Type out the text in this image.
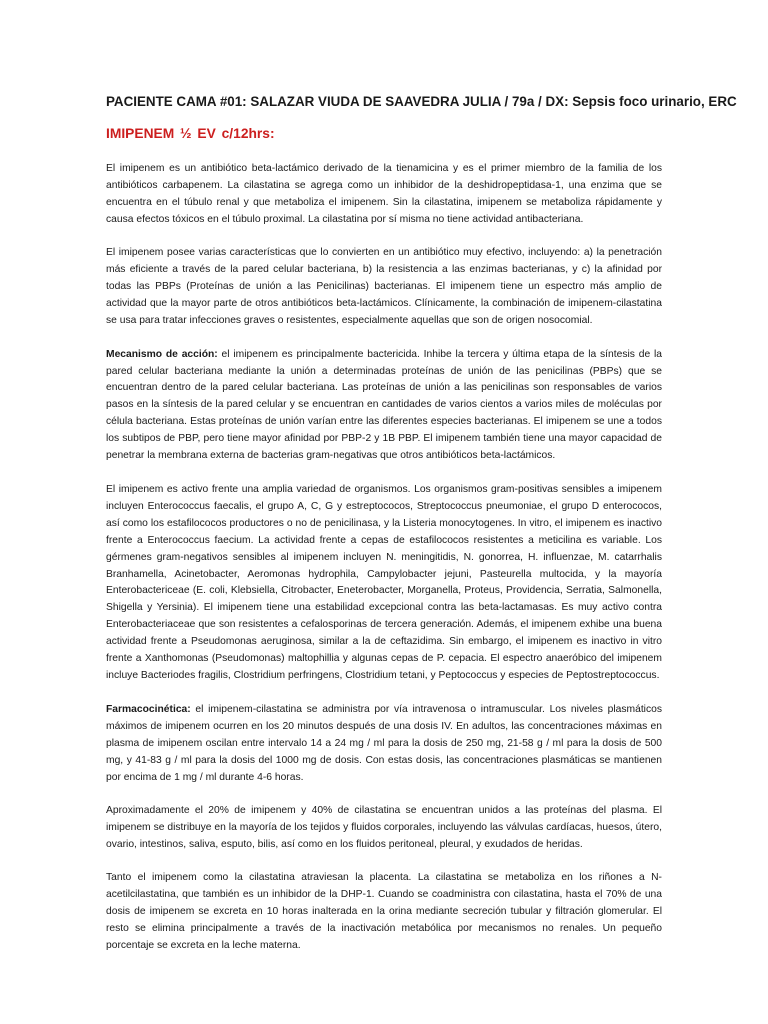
PACIENTE CAMA #01: SALAZAR VIUDA DE SAAVEDRA JULIA / 79a / DX: Sepsis foco urinario, ERC
IMIPENEM ½ EV c/12hrs:

El imipenem es un antibiótico beta-lactámico derivado de la tienamicina y es el primer miembro de la familia de los antibióticos carbapenem. La cilastatina se agrega como un inhibidor de la deshidropeptidasa-1, una enzima que se encuentra en el túbulo renal y que metaboliza el imipenem. Sin la cilastatina, imipenem se metaboliza rápidamente y causa efectos tóxicos en el túbulo proximal. La cilastatina por sí misma no tiene actividad antibacteriana.

El imipenem posee varias características que lo convierten en un antibiótico muy efectivo, incluyendo: a) la penetración más eficiente a través de la pared celular bacteriana, b) la resistencia a las enzimas bacterianas, y c) la afinidad por todas las PBPs (Proteínas de unión a las Penicilinas) bacterianas. El imipenem tiene un espectro más amplio de actividad que la mayor parte de otros antibióticos beta-lactámicos. Clínicamente, la combinación de imipenem-cilastatina se usa para tratar infecciones graves o resistentes, especialmente aquellas que son de origen nosocomial.

Mecanismo de acción: el imipenem es principalmente bactericida. Inhibe la tercera y última etapa de la síntesis de la pared celular bacteriana mediante la unión a determinadas proteínas de unión de las penicilinas (PBPs) que se encuentran dentro de la pared celular bacteriana. Las proteínas de unión a las penicilinas son responsables de varios pasos en la síntesis de la pared celular y se encuentran en cantidades de varios cientos a varios miles de moléculas por célula bacteriana. Estas proteínas de unión varían entre las diferentes especies bacterianas. El imipenem se une a todos los subtipos de PBP, pero tiene mayor afinidad por PBP-2 y 1B PBP. El imipenem también tiene una mayor capacidad de penetrar la membrana externa de bacterias gram-negativas que otros antibióticos beta-lactámicos.

El imipenem es activo frente una amplia variedad de organismos. Los organismos gram-positivas sensibles a imipenem incluyen Enterococcus faecalis, el grupo A, C, G y estreptococos, Streptococcus pneumoniae, el grupo D enterococos, así como los estafilococos productores o no de penicilinasa, y la Listeria monocytogenes. In vitro, el imipenem es inactivo frente a Enterococcus faecium. La actividad frente a cepas de estafilococos resistentes a meticilina es variable. Los gérmenes gram-negativos sensibles al imipenem incluyen N. meningitidis, N. gonorrea, H. influenzae, M. catarrhalis Branhamella, Acinetobacter, Aeromonas hydrophila, Campylobacter jejuni, Pasteurella multocida, y la mayoría Enterobactericeae (E. coli, Klebsiella, Citrobacter, Eneterobacter, Morganella, Proteus, Providencia, Serratia, Salmonella, Shigella y Yersinia). El imipenem tiene una estabilidad excepcional contra las beta-lactamasas. Es muy activo contra Enterobacteriaceae que son resistentes a cefalosporinas de tercera generación. Además, el imipenem exhibe una buena actividad frente a Pseudomonas aeruginosa, similar a la de ceftazidima. Sin embargo, el imipenem es inactivo in vitro frente a Xanthomonas (Pseudomonas) maltophillia y algunas cepas de P. cepacia. El espectro anaeróbico del imipenem incluye Bacteriodes fragilis, Clostridium perfringens, Clostridium tetani, y Peptococcus y especies de Peptostreptococcus.

Farmacocinética: el imipenem-cilastatina se administra por vía intravenosa o intramuscular. Los niveles plasmáticos máximos de imipenem ocurren en los 20 minutos después de una dosis IV. En adultos, las concentraciones máximas en plasma de imipenem oscilan entre intervalo 14 a 24 mg / ml para la dosis de 250 mg, 21-58 g / ml para la dosis de 500 mg, y 41-83 g / ml para la dosis del 1000 mg de dosis. Con estas dosis, las concentraciones plasmáticas se mantienen por encima de 1 mg / ml durante 4-6 horas.

Aproximadamente el 20% de imipenem y 40% de cilastatina se encuentran unidos a las proteínas del plasma. El imipenem se distribuye en la mayoría de los tejidos y fluidos corporales, incluyendo las válvulas cardíacas, huesos, útero, ovario, intestinos, saliva, esputo, bilis, así como en los fluidos peritoneal, pleural, y exudados de heridas.

Tanto el imipenem como la cilastatina atraviesan la placenta. La cilastatina se metaboliza en los riñones a N-acetilcilastatina, que también es un inhibidor de la DHP-1. Cuando se coadministra con cilastatina, hasta el 70% de una dosis de imipenem se excreta en 10 horas inalterada en la orina mediante secreción tubular y filtración glomerular. El resto se elimina principalmente a través de la inactivación metabólica por mecanismos no renales. Un pequeño porcentaje se excreta en la leche materna.
